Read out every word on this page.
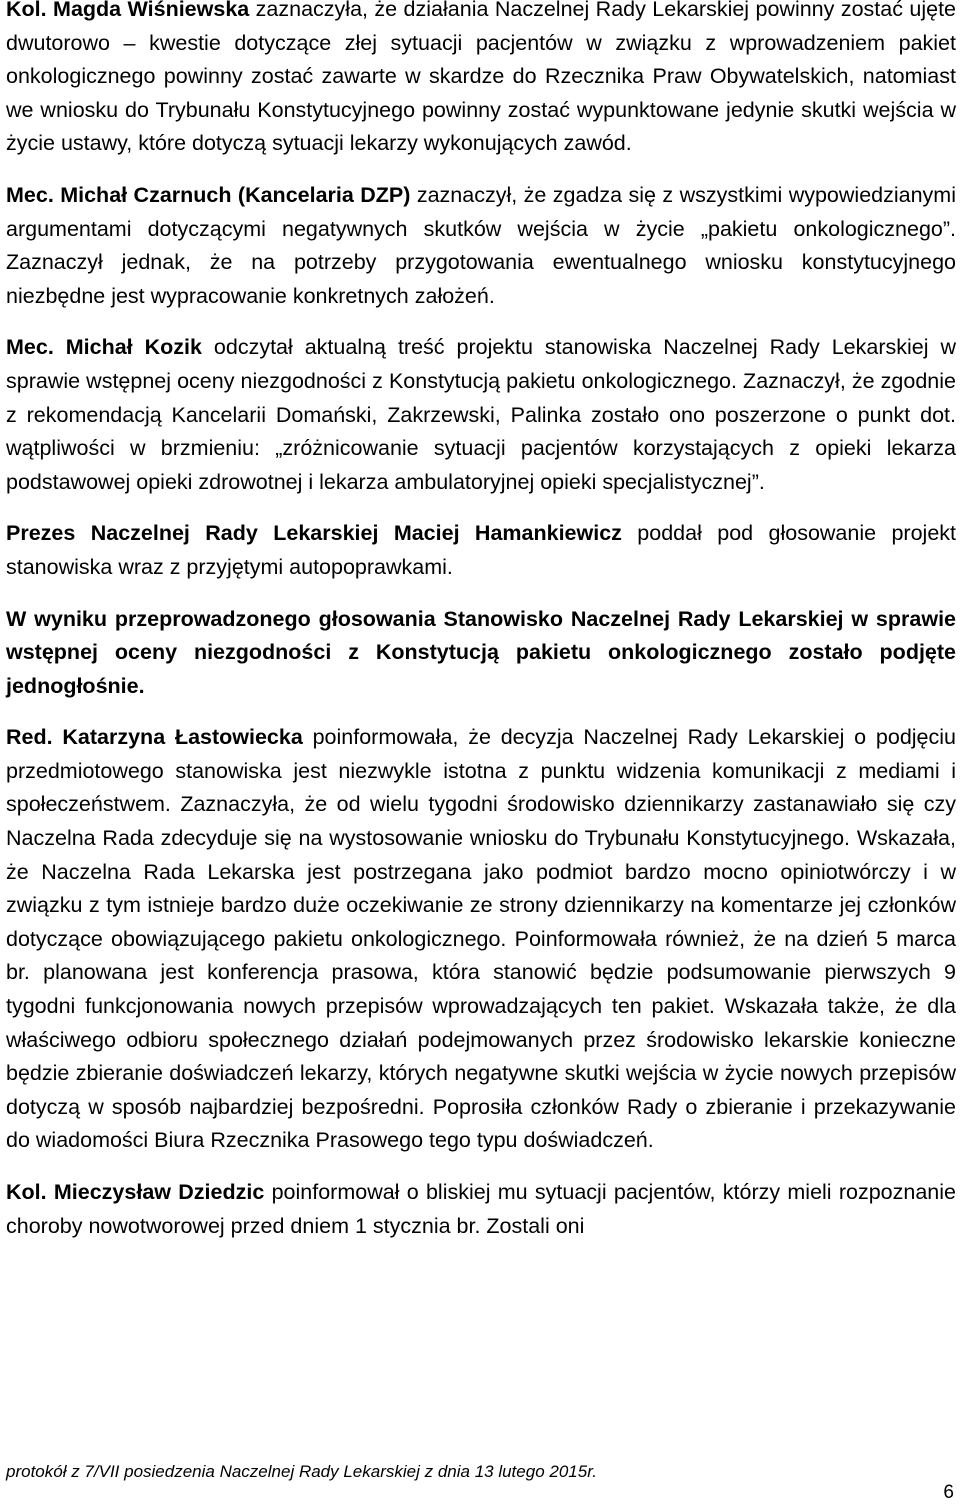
Kol. Magda Wiśniewska zaznaczyła, że działania Naczelnej Rady Lekarskiej powinny zostać ujęte dwutorowo – kwestie dotyczące złej sytuacji pacjentów w związku z wprowadzeniem pakiet onkologicznego powinny zostać zawarte w skardze do Rzecznika Praw Obywatelskich, natomiast we wniosku do Trybunału Konstytucyjnego powinny zostać wypunktowane jedynie skutki wejścia w życie ustawy, które dotyczą sytuacji lekarzy wykonujących zawód.

Mec. Michał Czarnuch (Kancelaria DZP) zaznaczył, że zgadza się z wszystkimi wypowiedzianymi argumentami dotyczącymi negatywnych skutków wejścia w życie „pakietu onkologicznego”. Zaznaczył jednak, że na potrzeby przygotowania ewentualnego wniosku konstytucyjnego niezbędne jest wypracowanie konkretnych założeń.

Mec. Michał Kozik odczytał aktualną treść projektu stanowiska Naczelnej Rady Lekarskiej w sprawie wstępnej oceny niezgodności z Konstytucją pakietu onkologicznego. Zaznaczył, że zgodnie z rekomendacją Kancelarii Domański, Zakrzewski, Palinka zostało ono poszerzone o punkt dot. wątpliwości w brzmieniu: „zróżnicowanie sytuacji pacjentów korzystających z opieki lekarza podstawowej opieki zdrowotnej i lekarza ambulatoryjnej opieki specjalistycznej”.

Prezes Naczelnej Rady Lekarskiej Maciej Hamankiewicz poddał pod głosowanie projekt stanowiska wraz z przyjętymi autopoprawkami.

W wyniku przeprowadzonego głosowania Stanowisko Naczelnej Rady Lekarskiej w sprawie wstępnej oceny niezgodności z Konstytucją pakietu onkologicznego zostało podjęte jednogłośnie.

Red. Katarzyna Łastowiecka poinformowała, że decyzja Naczelnej Rady Lekarskiej o podjęciu przedmiotowego stanowiska jest niezwykle istotna z punktu widzenia komunikacji z mediami i społeczeństwem. Zaznaczyła, że od wielu tygodni środowisko dziennikarzy zastanawiało się czy Naczelna Rada zdecyduje się na wystosowanie wniosku do Trybunału Konstytucyjnego. Wskazała, że Naczelna Rada Lekarska jest postrzegana jako podmiot bardzo mocno opiniotwórczy i w związku z tym istnieje bardzo duże oczekiwanie ze strony dziennikarzy na komentarze jej członków dotyczące obowiązującego pakietu onkologicznego. Poinformowała również, że na dzień 5 marca br. planowana jest konferencja prasowa, która stanowić będzie podsumowanie pierwszych 9 tygodni funkcjonowania nowych przepisów wprowadzających ten pakiet. Wskazała także, że dla właściwego odbioru społecznego działań podejmowanych przez środowisko lekarskie konieczne będzie zbieranie doświadczeń lekarzy, których negatywne skutki wejścia w życie nowych przepisów dotyczą w sposób najbardziej bezpośredni. Poprosiła członków Rady o zbieranie i przekazywanie do wiadomości Biura Rzecznika Prasowego tego typu doświadczeń.

Kol. Mieczysław Dziedzic poinformował o bliskiej mu sytuacji pacjentów, którzy mieli rozpoznanie choroby nowotworowej przed dniem 1 stycznia br. Zostali oni

protokół z 7/VII posiedzenia Naczelnej Rady Lekarskiej z dnia 13 lutego 2015r.
6
